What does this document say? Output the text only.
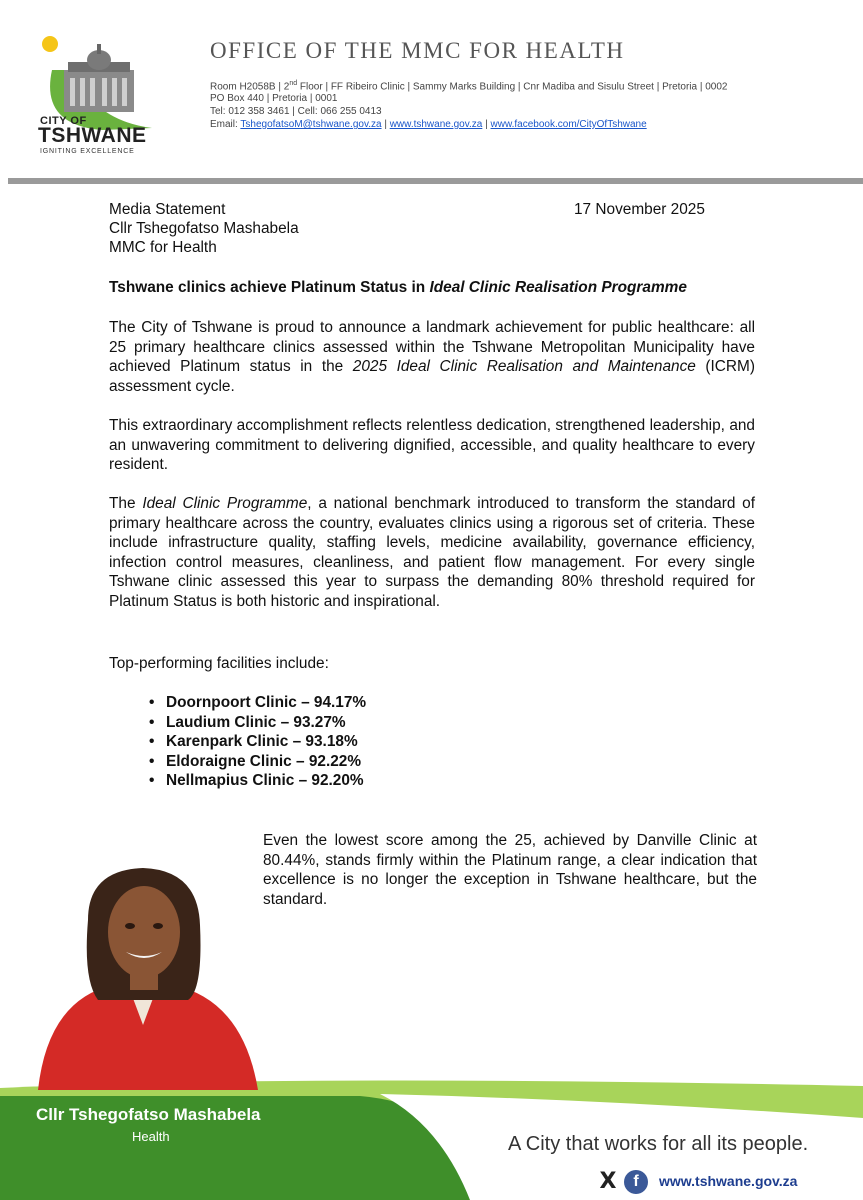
CITY OF
TSHWANE
IGNITING EXCELLENCE
OFFICE OF THE MMC FOR HEALTH
Room H2058B | 2nd Floor | FF Ribeiro Clinic | Sammy Marks Building | Cnr Madiba and Sisulu Street | Pretoria | 0002
PO Box 440 | Pretoria | 0001
Tel: 012 358 3461 | Cell: 066 255 0413
Email: TshegofatsoM@tshwane.gov.za | www.tshwane.gov.za | www.facebook.com/CityOfTshwane
Media Statement	17 November 2025
Cllr Tshegofatso Mashabela
MMC for Health
Tshwane clinics achieve Platinum Status in Ideal Clinic Realisation Programme
The City of Tshwane is proud to announce a landmark achievement for public healthcare: all 25 primary healthcare clinics assessed within the Tshwane Metropolitan Municipality have achieved Platinum status in the 2025 Ideal Clinic Realisation and Maintenance (ICRM) assessment cycle.
This extraordinary accomplishment reflects relentless dedication, strengthened leadership, and an unwavering commitment to delivering dignified, accessible, and quality healthcare to every resident.
The Ideal Clinic Programme, a national benchmark introduced to transform the standard of primary healthcare across the country, evaluates clinics using a rigorous set of criteria. These include infrastructure quality, staffing levels, medicine availability, governance efficiency, infection control measures, cleanliness, and patient flow management. For every single Tshwane clinic assessed this year to surpass the demanding 80% threshold required for Platinum Status is both historic and inspirational.
Top-performing facilities include:
• Doornpoort Clinic – 94.17%
• Laudium Clinic – 93.27%
• Karenpark Clinic – 93.18%
• Eldoraigne Clinic – 92.22%
• Nellmapius Clinic – 92.20%
Even the lowest score among the 25, achieved by Danville Clinic at 80.44%, stands firmly within the Platinum range, a clear indication that excellence is no longer the exception in Tshwane healthcare, but the standard.
Cllr Tshegofatso Mashabela
Health	A City that works for all its people.
X	f	www.tshwane.gov.za
